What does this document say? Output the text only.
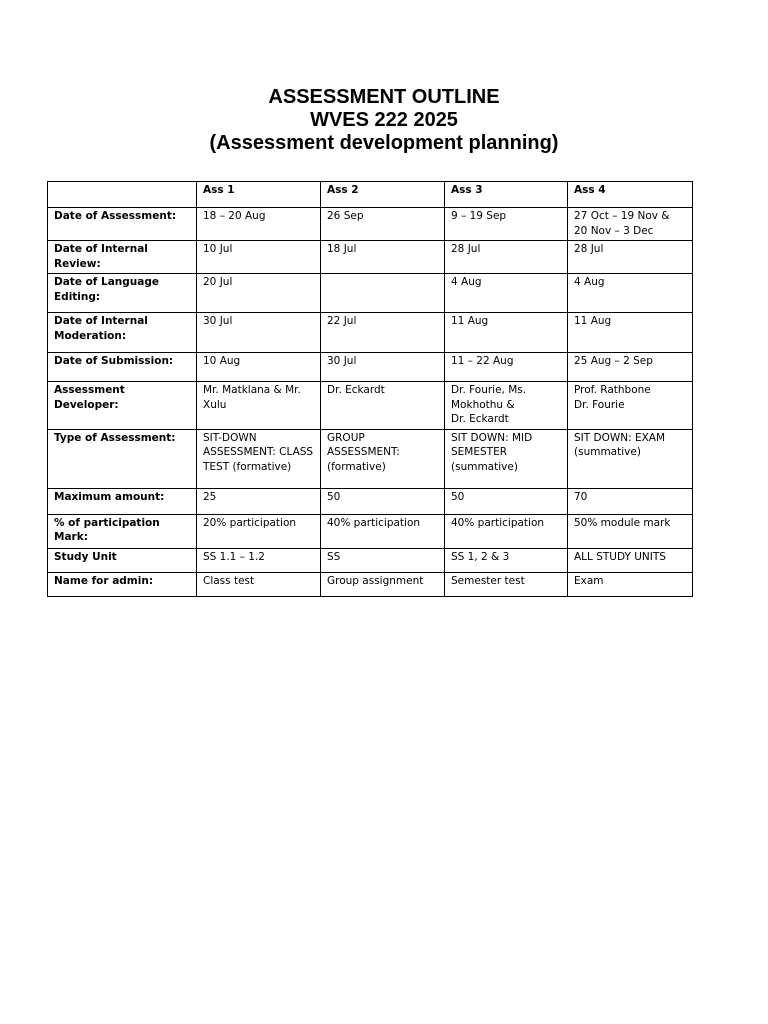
ASSESSMENT OUTLINE
WVES 222 2025
(Assessment development planning)
	Ass 1	Ass 2	Ass 3	Ass 4
Date of Assessment:	18 – 20 Aug	26 Sep	9 – 19 Sep	27 Oct – 19 Nov &
20 Nov – 3 Dec
Date of Internal Review:	10 Jul	18 Jul	28 Jul	28 Jul
Date of Language
Editing:	20 Jul		4 Aug	4 Aug
Date of Internal
Moderation:	30 Jul	22 Jul	11 Aug	11 Aug
Date of Submission:	10 Aug	30 Jul	11 – 22 Aug	25 Aug – 2 Sep
Assessment Developer:	Mr. Matklana & Mr.
Xulu	Dr. Eckardt	Dr. Fourie, Ms.
Mokhothu &
Dr. Eckardt	Prof. Rathbone
Dr. Fourie
Type of Assessment:	SIT-DOWN
ASSESSMENT: CLASS
TEST (formative)	GROUP
ASSESSMENT:
(formative)	SIT DOWN: MID
SEMESTER
(summative)	SIT DOWN: EXAM
(summative)
Maximum amount:	25	50	50	70
% of participation Mark:	20% participation	40% participation	40% participation	50% module mark
Study Unit	SS 1.1 – 1.2	SS	SS 1, 2 & 3	ALL STUDY UNITS
Name for admin:	Class test	Group assignment	Semester test	Exam
